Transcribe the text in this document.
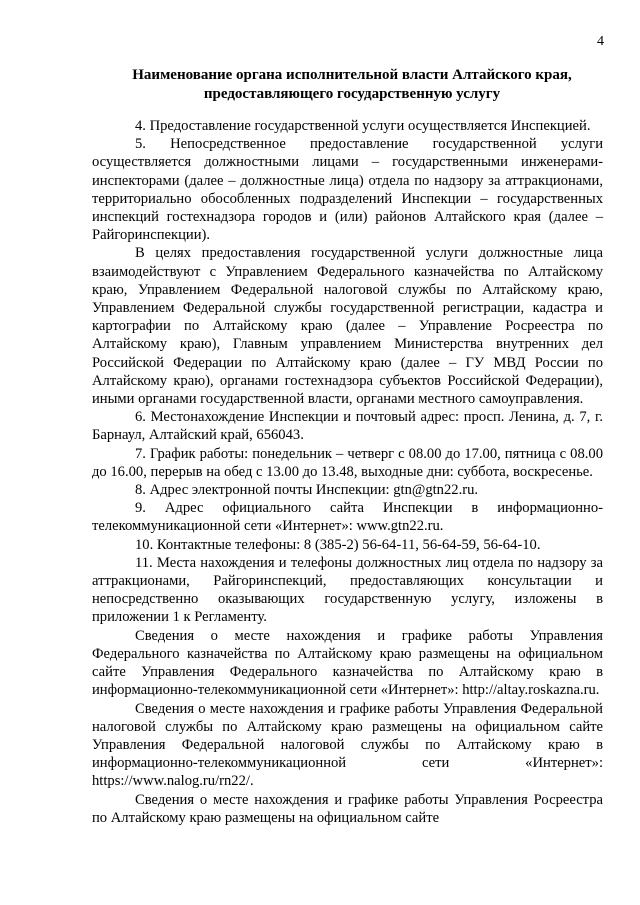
4
Наименование органа исполнительной власти Алтайского края,
предоставляющего государственную услугу

4. Предоставление государственной услуги осуществляется Инспекцией.

5. Непосредственное предоставление государственной услуги осуществляется должностными лицами – государственными инженерами-инспекторами (далее – должностные лица) отдела по надзору за аттракционами, территориально обособленных подразделений Инспекции – государственных инспекций гостехнадзора городов и (или) районов Алтайского края (далее – Райгоринспекции).

В целях предоставления государственной услуги должностные лица взаимодействуют с Управлением Федерального казначейства по Алтайскому краю, Управлением Федеральной налоговой службы по Алтайскому краю, Управлением Федеральной службы государственной регистрации, кадастра и картографии по Алтайскому краю (далее – Управление Росреестра по Алтайскому краю), Главным управлением Министерства внутренних дел Российской Федерации по Алтайскому краю (далее – ГУ МВД России по Алтайскому краю), органами гостехнадзора субъектов Российской Федерации), иными органами государственной власти, органами местного самоуправления.

6. Местонахождение Инспекции и почтовый адрес: просп. Ленина, д. 7, г. Барнаул, Алтайский край, 656043.

7. График работы: понедельник – четверг с 08.00 до 17.00, пятница с 08.00 до 16.00, перерыв на обед с 13.00 до 13.48, выходные дни: суббота, воскресенье.

8. Адрес электронной почты Инспекции: gtn@gtn22.ru.

9. Адрес официального сайта Инспекции в информационно-телекоммуникационной сети «Интернет»: www.gtn22.ru.

10. Контактные телефоны: 8 (385-2) 56-64-11, 56-64-59, 56-64-10.

11. Места нахождения и телефоны должностных лиц отдела по надзору за аттракционами, Райгоринспекций, предоставляющих консультации и непосредственно оказывающих государственную услугу, изложены в приложении 1 к Регламенту.

Сведения о месте нахождения и графике работы Управления Федерального казначейства по Алтайскому краю размещены на официальном сайте Управления Федерального казначейства по Алтайскому краю в информационно-телекоммуникационной сети «Интернет»: http://altay.roskazna.ru.

Сведения о месте нахождения и графике работы Управления Федеральной налоговой службы по Алтайскому краю размещены на официальном сайте Управления Федеральной налоговой службы по Алтайскому краю в информационно-телекоммуникационной сети «Интернет»: https://www.nalog.ru/rn22/.

Сведения о месте нахождения и графике работы Управления Росреестра по Алтайскому краю размещены на официальном сайте
